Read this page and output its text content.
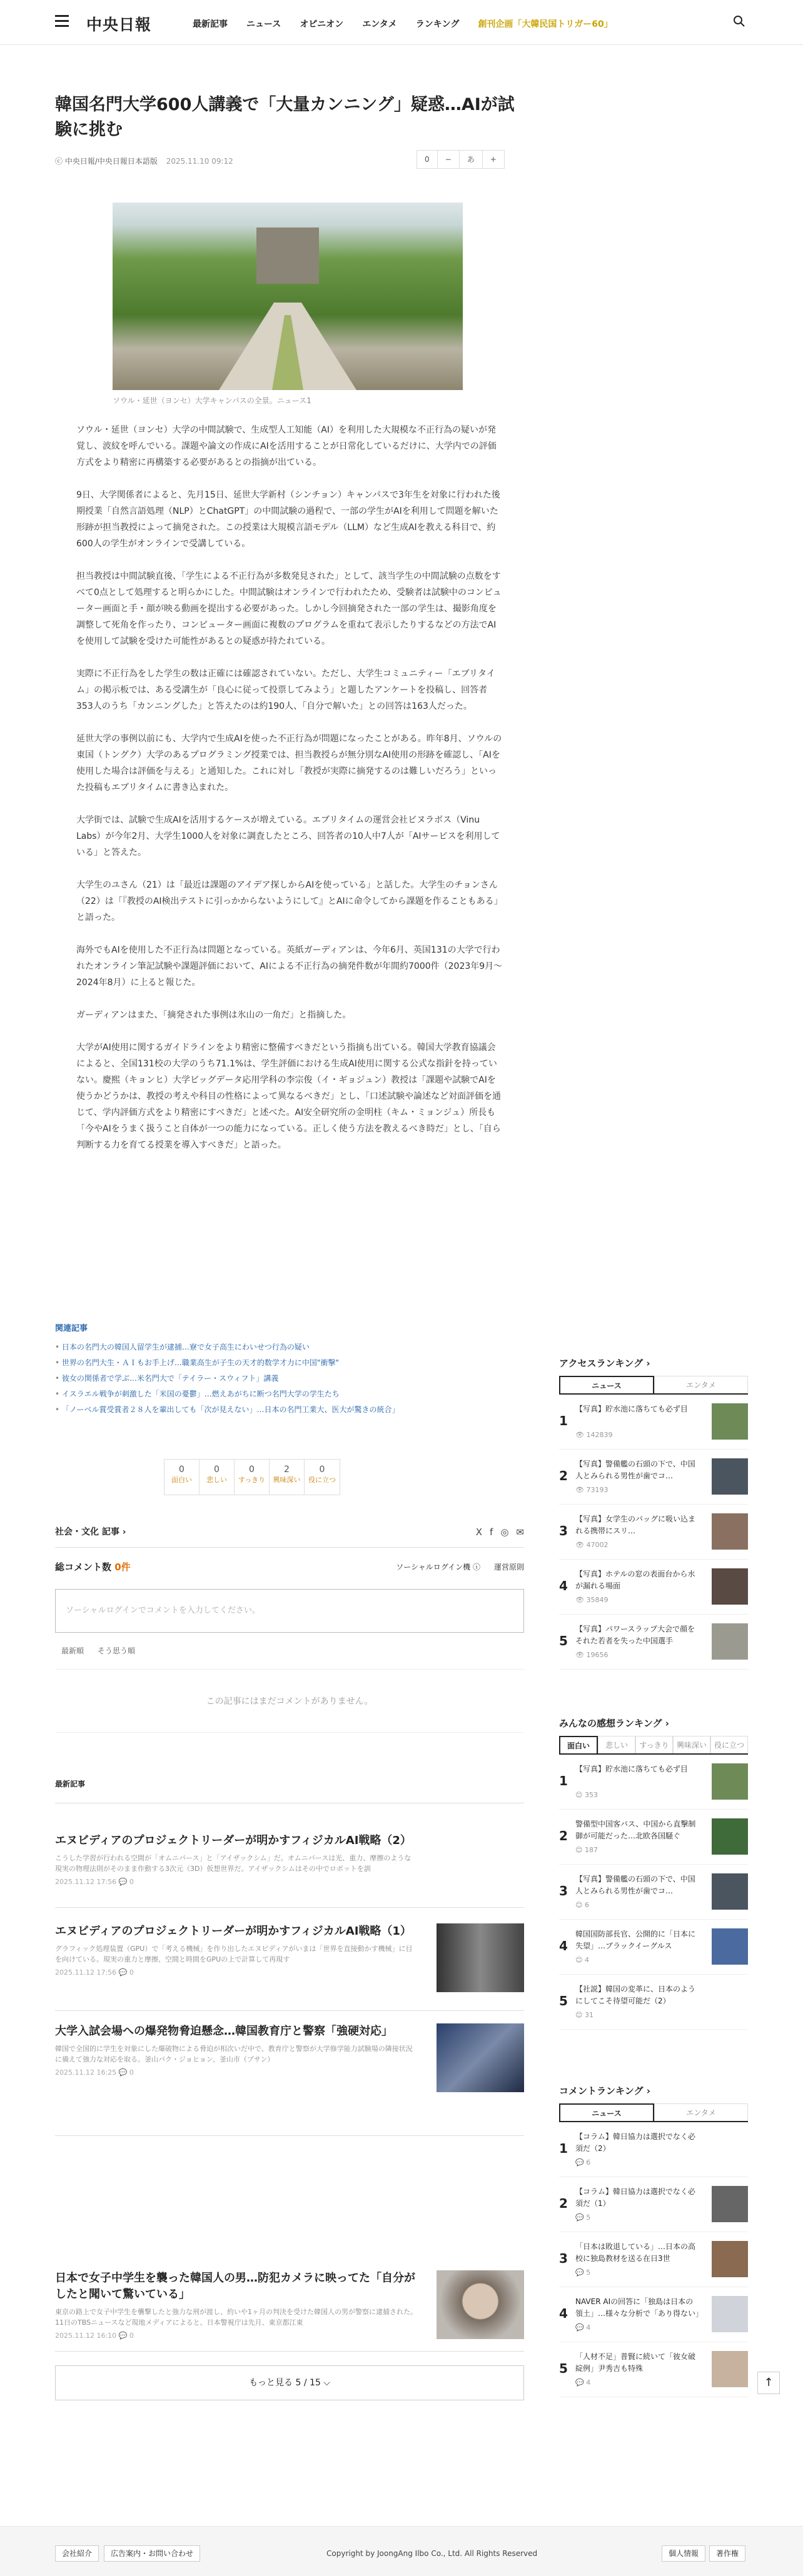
中央日報	最新記事 ニュース オピニオン エンタメ ランキング 創刊企画「大韓民国トリガー60」
韓国名門大学600人講義で「大量カンニング」疑惑…AIが試験に挑む
ⓒ 中央日報/中央日報日本語版 2025.11.10 09:12	0	−	あ	+
ソウル・延世（ヨンセ）大学キャンパスの全景。ニュース1

ソウル・延世（ヨンセ）大学の中間試験で、生成型人工知能（AI）を利用した大規模な不正行為の疑いが発覚し、波紋を呼んでいる。課題や論文の作成にAIを活用することが日常化しているだけに、大学内での評価方式をより精密に再構築する必要があるとの指摘が出ている。

9日、大学関係者によると、先月15日、延世大学新村（シンチョン）キャンパスで3年生を対象に行われた後期授業「自然言語処理（NLP）とChatGPT」の中間試験の過程で、一部の学生がAIを利用して問題を解いた形跡が担当教授によって摘発された。この授業は大規模言語モデル（LLM）など生成AIを教える科目で、約600人の学生がオンラインで受講している。

担当教授は中間試験直後、「学生による不正行為が多数発見された」として、該当学生の中間試験の点数をすべて0点として処理すると明らかにした。中間試験はオンラインで行われたため、受験者は試験中のコンピューター画面と手・顔が映る動画を提出する必要があった。しかし今回摘発された一部の学生は、撮影角度を調整して死角を作ったり、コンピューター画面に複数のプログラムを重ねて表示したりするなどの方法でAIを使用して試験を受けた可能性があるとの疑惑が持たれている。

実際に不正行為をした学生の数は正確には確認されていない。ただし、大学生コミュニティー「エブリタイム」の掲示板では、ある受講生が「良心に従って投票してみよう」と題したアンケートを投稿し、回答者353人のうち「カンニングした」と答えたのは約190人、「自分で解いた」との回答は163人だった。

延世大学の事例以前にも、大学内で生成AIを使った不正行為が問題になったことがある。昨年8月、ソウルの東国（トングク）大学のあるプログラミング授業では、担当教授らが無分別なAI使用の形跡を確認し、「AIを使用した場合は評価を与える」と通知した。これに対し「教授が実際に摘発するのは難しいだろう」といった投稿もエブリタイムに書き込まれた。

大学街では、試験で生成AIを活用するケースが増えている。エブリタイムの運営会社ビヌラボス（Vinu Labs）が今年2月、大学生1000人を対象に調査したところ、回答者の10人中7人が「AIサービスを利用している」と答えた。

大学生のユさん（21）は「最近は課題のアイデア探しからAIを使っている」と話した。大学生のチョンさん（22）は「『教授のAI検出テストに引っかからないようにして』とAIに命令してから課題を作ることもある」と語った。

海外でもAIを使用した不正行為は問題となっている。英紙ガーディアンは、今年6月、英国131の大学で行われたオンライン筆記試験や課題評価において、AIによる不正行為の摘発件数が年間約7000件（2023年9月〜2024年8月）に上ると報じた。

ガーディアンはまた、「摘発された事例は氷山の一角だ」と指摘した。

大学がAI使用に関するガイドラインをより精密に整備すべきだという指摘も出ている。韓国大学教育協議会によると、全国131校の大学のうち71.1%は、学生評価における生成AI使用に関する公式な指針を持っていない。慶熙（キョンヒ）大学ビッグデータ応用学科の李宗俊（イ・ギョジュン）教授は「課題や試験でAIを使うかどうかは、教授の考えや科目の性格によって異なるべきだ」とし、「口述試験や論述など対面評価を通じて、学内評価方式をより精密にすべきだ」と述べた。AI安全研究所の金明柱（キム・ミョンジュ）所長も「今やAIをうまく扱うこと自体が一つの能力になっている。正しく使う方法を教えるべき時だ」とし、「自ら判断する力を育てる授業を導入すべきだ」と語った。

関連記事
• 日本の名門大の韓国人留学生が逮捕…寮で女子高生にわいせつ行為の疑い
• 世界の名門大生・ＡＩもお手上げ…職業高生が子生の天才的数学才力に中国"衝撃"
• 彼女の関係者で学ぶ…米名門大で「テイラー・スウィフト」講義
• イスラエル戦争が刺激した「米国の憂鬱」…燃えあがちに断つ名門大学の学生たち
• 「ノーベル賞受賞者２８人を輩出しても「次が見えない」…日本の名門工業大、医大が驚きの統合」
0
面白い
0
悲しい
0
すっきり
2
興味深い
0
役に立つ
社会・文化 記事 ›	X f ◎ ✉
総コメント数 0件	ソーシャルログイン機 ⓘ 運営原則
ソーシャルログインでコメントを入力してください。
最新順 そう思う順
この記事にはまだコメントがありません。
最新記事
エヌビディアのプロジェクトリーダーが明かすフィジカルAI戦略（2）
こうした学習が行われる空間が「オムニバース」と「アイザックシム」だ。オムニバースは光、重力、摩擦のような現実の物理法則がそのまま作動する3次元（3D）仮想世界だ。アイザックシムはその中でロボットを訓
2025.11.12 17:56 💬 0
エヌビディアのプロジェクトリーダーが明かすフィジカルAI戦略（1）
グラフィック処理装置（GPU）で「考える機械」を作り出したエヌビディアがいまは「世界を直接動かす機械」に目を向けている。現実の重力と摩擦、空間と時間をGPUの上で計算して再現す
2025.11.12 17:56 💬 0
大学入試会場への爆発物脅迫懸念…韓国教育庁と警察「強硬対応」
韓国で全国的に学生を対象にした爆破物による脅迫が相次いだ中で、教育庁と警察が大学修学能力試験場の隣接状況に備えて強力な対応を取る。釜山パク・ジョヒョン、釜山市（プサン）
2025.11.12 16:25 💬 0
日本で女子中学生を襲った韓国人の男…防犯カメラに映ってた「自分がしたと聞いて驚いている」
東京の路上で女子中学生を襲撃したと強力な刑が渡し、約いや1ヶ月の判決を受けた韓国人の男が警察に逮捕された。11日のTBSニュースなど現地メディアによると、日本警視庁は先月、東京都江東
2025.11.12 16:10 💬 0
もっと見る 5 / 15 ⌵
アクセスランキング ›
ニュース	エンタメ
1
【写真】貯水池に落ちても必ず目
👁 142839
2
【写真】警備艦の石頭の下で、中国人とみられる男性が歯でコ…
👁 73193
3
【写真】女学生のバッグに吸い込まれる携帯にスリ…
👁 47002
4
【写真】ホテルの窓の表面台から水が漏れる場面
👁 35849
5
【写真】パワースラップ大会で顔をそれた若者を失った中国選手
👁 19656
みんなの感想ランキング ›
面白い	悲しい	すっきり	興味深い 役に立つ
1
【写真】貯水池に落ちても必ず目
😊 353
2
警備型中国客バス、中国から直撃制御が可能だった…北欧各国騒ぐ
😊 187
3
【写真】警備艦の石頭の下で、中国人とみられる男性が歯でコ…
😊 6
4
韓国国防部長官、公開的に「日本に失望」…ブラックイーグルス
😊 4
5
【社説】韓国の変革に、日本のようにしてこそ待望可能だ（2）
😊 31
コメントランキング ›
ニュース	エンタメ
1
【コラム】韓日協力は選択でなく必須だ（2）
💬 6
2
【コラム】韓日協力は選択でなく必須だ（1）
💬 5
3
「日本は敗退している」…日本の高校に独島教材を送る在日3世
💬 5
4
NAVER AIの回答に「独島は日本の領土」…様々な分析で「あり得ない」
💬 4
5
「人材不足」普賢に続いて「彼女破綻例」尹秀吉も特殊
💬 4	↑
会社紹介	広告案内・お問い合わせ	Copyright by JoongAng Ilbo Co., Ltd. All Rights Reserved	個人情報	著作権
